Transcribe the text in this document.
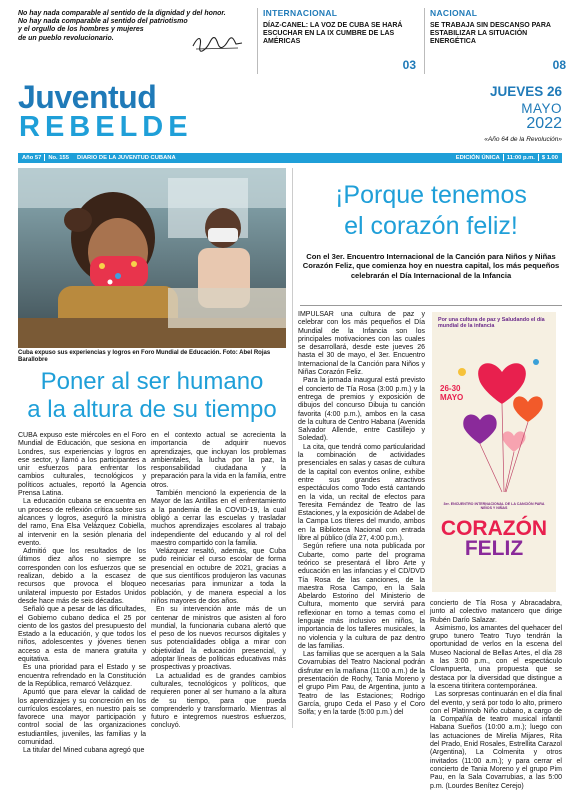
No hay nada comparable al sentido de la dignidad y del honor.
No hay nada comparable al sentido del patriotismo
y el orgullo de los hombres y mujeres
de un pueblo revolucionario.
INTERNACIONAL
DÍAZ-CANEL: LA VOZ DE CUBA SE HARÁ ESCUCHAR EN LA IX CUMBRE DE LAS AMÉRICAS
03
NACIONAL
SE TRABAJA SIN DESCANSO PARA ESTABILIZAR LA SITUACIÓN ENERGÉTICA
08
Juventud
REBELDE
JUEVES 26
MAYO
2022
«Año 64 de la Revolución»
Año 57 No. 155 DIARIO DE LA JUVENTUD CUBANA	EDICIÓN ÚNICA 11:00 p.m. $ 1.00
Cuba expuso sus experiencias y logros en Foro Mundial de Educación. Foto: Abel Rojas Barallobre
Poner al ser humano
a la altura de su tiempo

CUBA expuso este miércoles en el Foro Mundial de Educación, que sesiona en Londres, sus experiencias y logros en ese sector, y llamó a los participantes a unir esfuerzos para enfrentar los cambios culturales, tecnológicos y políticos actuales, reportó la Agencia Prensa Latina.

La educación cubana se encuentra en un proceso de reflexión crítica sobre sus alcances y logros, aseguró la ministra del ramo, Ena Elsa Velázquez Cobiella, al intervenir en la sesión plenaria del evento.

Admitió que los resultados de los últimos diez años no siempre se corresponden con los esfuerzos que se realizan, debido a la escasez de recursos que provoca el bloqueo unilateral impuesto por Estados Unidos desde hace más de seis décadas.

Señaló que a pesar de las dificultades, el Gobierno cubano dedica el 25 por ciento de los gastos del presupuesto del Estado a la educación, y que todos los niños, adolescentes y jóvenes tienen acceso a esta de manera gratuita y equitativa.

Es una prioridad para el Estado y se encuentra refrendado en la Constitución de la República, remarcó Velázquez.

Apuntó que para elevar la calidad de los aprendizajes y su concreción en los currículos escolares, en nuestro país se favorece una mayor participación y control social de las organizaciones estudiantiles, juveniles, las familias y la comunidad.

La titular del Mined cubana agregó que

en el contexto actual se acrecienta la importancia de adquirir nuevos aprendizajes, que incluyan los problemas ambientales, la lucha por la paz, la responsabilidad ciudadana y la preparación para la vida en la familia, entre otros.

También mencionó la experiencia de la Mayor de las Antillas en el enfrentamiento a la pandemia de la COVID-19, la cual obligó a cerrar las escuelas y trasladar muchos aprendizajes escolares al trabajo independiente del educando y al rol del maestro compartido con la familia.

Velázquez resaltó, además, que Cuba pudo reiniciar el curso escolar de forma presencial en octubre de 2021, gracias a que sus científicos produjeron las vacunas necesarias para inmunizar a toda la población, y de manera especial a los niños mayores de dos años.

En su intervención ante más de un centenar de ministros que asisten al foro mundial, la funcionaria cubana alertó que el peso de los nuevos recursos digitales y sus potencialidades obliga a mirar con objetividad la educación presencial, y adoptar líneas de políticas educativas más prospectivas y proactivas.

La actualidad es de grandes cambios culturales, tecnológicos y políticos, que requieren poner al ser humano a la altura de su tiempo, para que pueda comprenderlo y transformarlo. Mientras al futuro e integremos nuestros esfuerzos, concluyó.

¡Porque tenemos
el corazón feliz!
Con el 3er. Encuentro Internacional de la Canción para Niños y Niñas Corazón Feliz, que comienza hoy en nuestra capital, los más pequeños celebrarán el Día Internacional de la Infancia

IMPULSAR una cultura de paz y celebrar con los más pequeños el Día Mundial de la Infancia son los principales motivaciones con las cuales se desarrollará, desde este jueves 26 hasta el 30 de mayo, el 3er. Encuentro Internacional de la Canción para Niños y Niñas Corazón Feliz.

Para la jornada inaugural está previsto el concierto de Tía Rosa (3:00 p.m.) y la entrega de premios y exposición de dibujos del concurso Dibuja tu canción favorita (4:00 p.m.), ambos en la casa de la cultura de Centro Habana (Avenida Salvador Allende, entre Castillejo y Soledad).

La cita, que tendrá como particularidad la combinación de actividades presenciales en salas y casas de cultura de la capital con eventos online, exhibe entre sus grandes atractivos espectáculos como Todo está cantando en la vida, un recital de efectos para Teresita Fernández de Teatro de las Estaciones, y la exposición de Adabel de la Campa Los títeres del mundo, ambos en la Biblioteca Nacional con entrada libre al público (día 27, 4:00 p.m.).

Según refiere una nota publicada por Cubarte, como parte del programa teórico se presentará el libro Arte y educación en las infancias y el CD/DVD Tía Rosa de las canciones, de la maestra Rosa Campo, en la Sala Abelardo Estorino del Ministerio de Cultura, momento que servirá para reflexionar en torno a temas como el lenguaje más inclusivo en niños, la importancia de los talleres musicales, la no violencia y la cultura de paz dentro de las familias.

Las familias que se acerquen a la Sala Covarrubias del Teatro Nacional podrán disfrutar en la mañana (11:00 a.m.) de la presentación de Rochy, Tania Moreno y el grupo Pim Pau, de Argentina, junto a Teatro de las Estaciones; Rodrigo García, grupo Ceda el Paso y el Coro Solfa; y en la tarde (5:00 p.m.) del

Por una cultura de paz y Saludando el día mundial de la infancia
26-30
MAYO
3er. ENCUENTRO INTERNACIONAL DE LA CANCIÓN PARA NIÑOS Y NIÑAS
CORAZÓN
FELIZ

concierto de Tía Rosa y Abracadabra, junto al colectivo matancero que dirige Rubén Darío Salazar.

Asimismo, los amantes del quehacer del grupo tunero Teatro Tuyo tendrán la oportunidad de verlos en la escena del Museo Nacional de Bellas Artes, el día 28 a las 3:00 p.m., con el espectáculo Clownpuerta, una propuesta que se destaca por la diversidad que distingue a la escena titiritera contemporánea.

Las sorpresas continuarán en el día final del evento, y será por todo lo alto, primero con el Platinnob Niño cubano, a cargo de la Compañía de teatro musical infantil Habana Sueños (10:00 a.m.); luego con las actuaciones de Mirelia Mijares, Rita del Prado, Enid Rosales, Estrellita Carazol (Argentina), La Colmenita y otros invitados (11:00 a.m.); y para cerrar el concierto de Tania Moreno y el grupo Pim Pau, en la Sala Covarrubias, a las 5:00 p.m. (Lourdes Benítez Cerejo)
